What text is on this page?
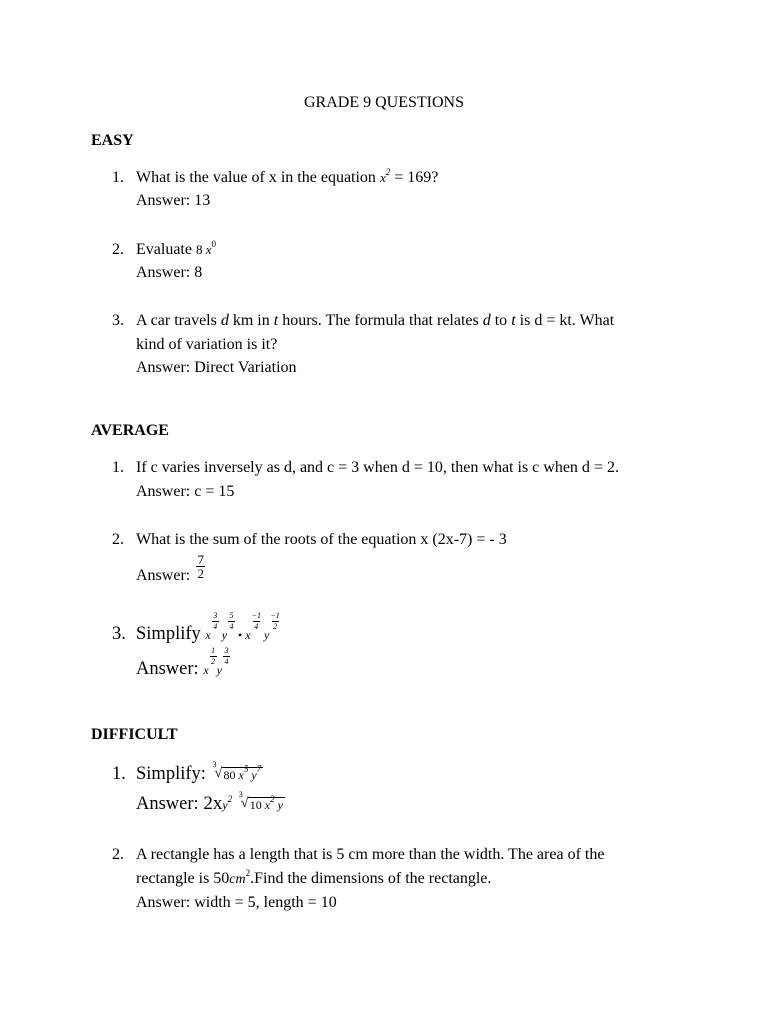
GRADE 9 QUESTIONS
EASY
1. What is the value of x in the equation $x^2 = 169$?
Answer: 13
2. Evaluate 8 $x^0$
Answer: 8
3. A car travels d km in t hours. The formula that relates d to t is d = kt. What
kind of variation is it?
Answer: Direct Variation
AVERAGE
1. If c varies inversely as d, and c = 3 when d = 10, then what is c when d = 2.
Answer: c = 15
2. What is the sum of the roots of the equation x (2x-7) = - 3
Answer: $\frac{7}{2}$
3. Simplify x
$\frac{3}{4}$
y
$\frac{5}{4}$
• x
$\frac{-1}{4}$
y
$\frac{-1}{2}$
Answer: x
$\frac{1}{2}$
y
$\frac{3}{4}$
DIFFICULT
1. Simplify: 3
√ 80 $x^5$ $y^7$
Answer: $2xy^2$ 3
√ 10 $x^2$ y
2. A rectangle has a length that is 5 cm more than the width. The area of the
rectangle is $50cm^2.Find$ the dimensions of the rectangle.
Answer: width = 5, length = 10
